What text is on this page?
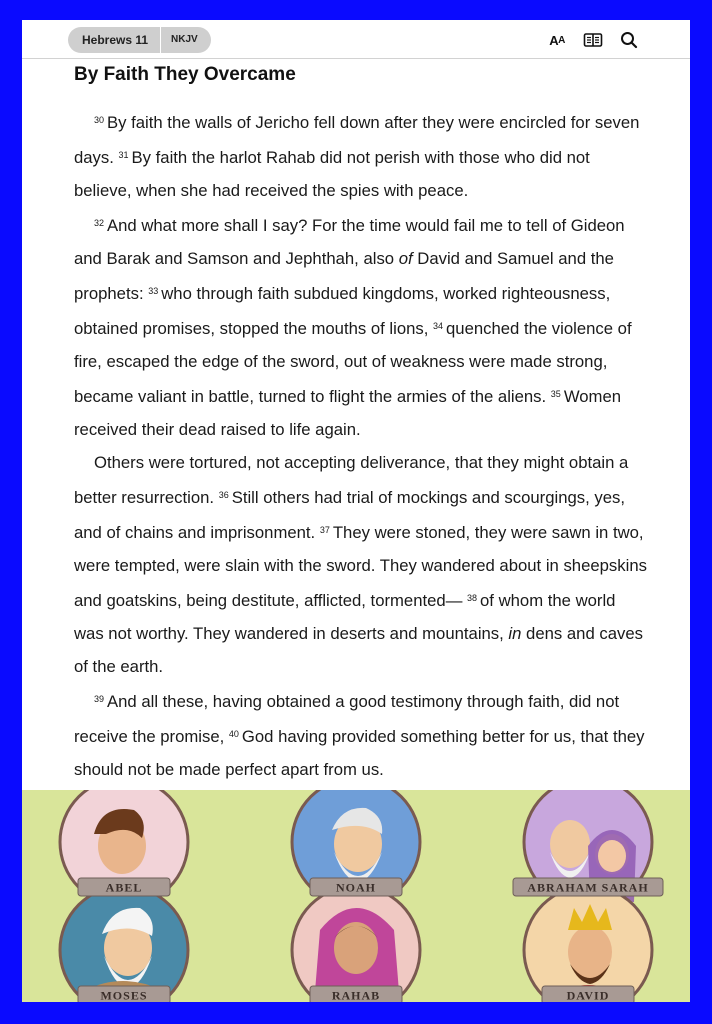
Hebrews 11	NKJV	A A
By Faith They Overcame

$^{30}$ By faith the walls of Jericho fell down after they were encircled for seven days. $^{31}$ By faith the harlot Rahab did not perish with those who did not believe, when she had received the spies with peace.

$^{32}$ And what more shall I say? For the time would fail me to tell of Gideon and Barak and Samson and Jephthah, also of David and Samuel and the prophets: $^{33}$ who through faith subdued kingdoms, worked righteousness, obtained promises, stopped the mouths of lions, $^{34}$ quenched the violence of fire, escaped the edge of the sword, out of weakness were made strong, became valiant in battle, turned to flight the armies of the aliens. $^{35}$ Women received their dead raised to life again.

Others were tortured, not accepting deliverance, that they might obtain a better resurrection. $^{36}$ Still others had trial of mockings and scourgings, yes, and of chains and imprisonment. $^{37}$ They were stoned, they were sawn in two, were tempted, were slain with the sword. They wandered about in sheepskins and goatskins, being destitute, afflicted, tormented— $^{38}$ of whom the world was not worthy. They wandered in deserts and mountains, in dens and caves of the earth.

$^{39}$ And all these, having obtained a good testimony through faith, did not receive the promise, $^{40}$ God having provided something better for us, that they should not be made perfect apart from us.

ABEL	NOAH	ABRAHAM SARAH
MOSES	RAHAB	DAVID
